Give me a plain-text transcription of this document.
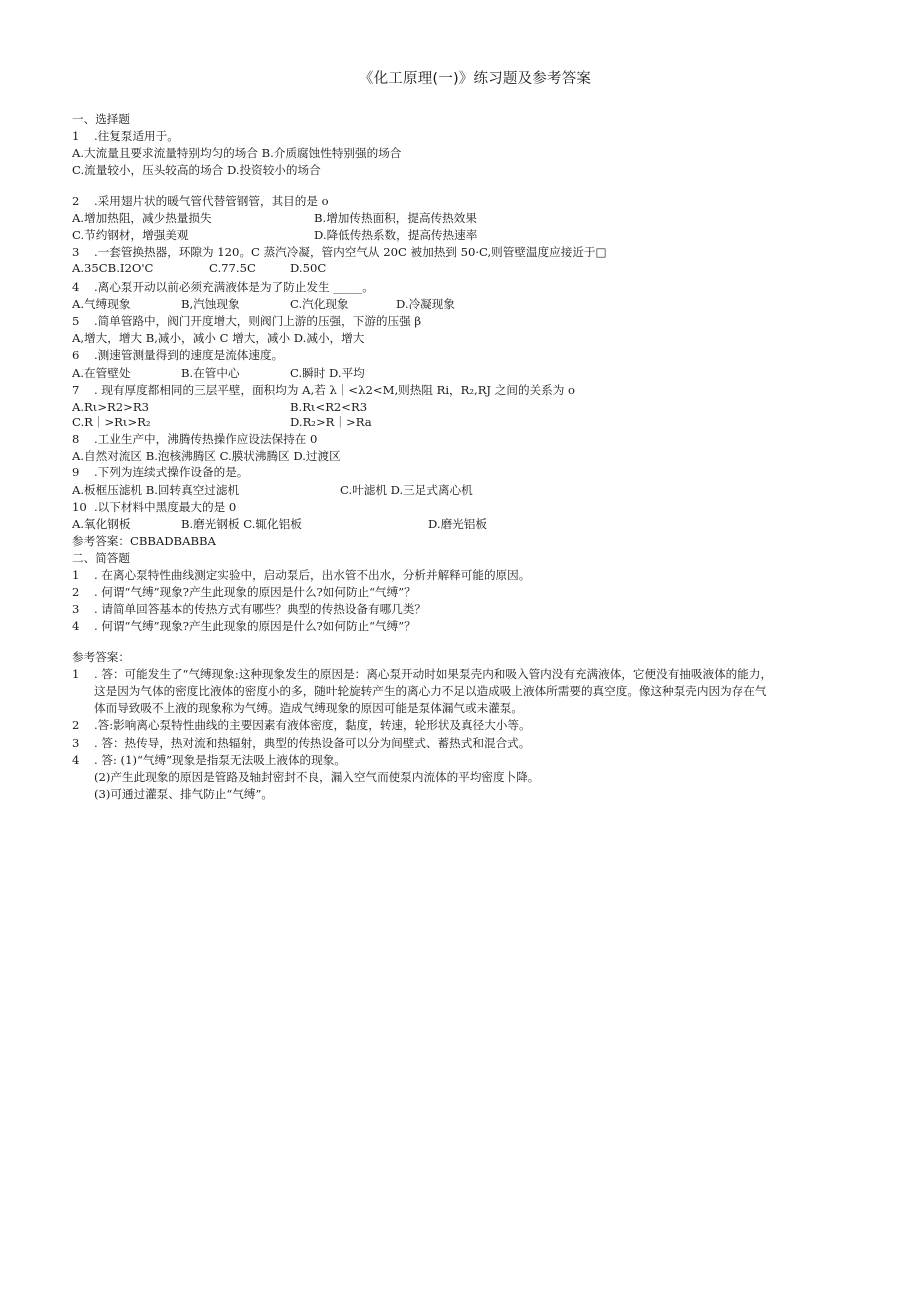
《化工原理(一)》练习题及参考答案
一、选择题
1 .往复泵适用于。
A.大流量且要求流量特别均匀的场合 B.介质腐蚀性特别强的场合
C.流量较小，压头较高的场合 D.投资较小的场合
2 .采用翅片状的暖气管代替管钢管，其目的是 o
A.增加热阻，减少热量损失	B.增加传热面积，提高传热效果
C.节约钢材，增强美观	D.降低传热系数，提高传热速率
3 .一套管换热器，环隙为 120。C 蒸汽冷凝，管内空气从 20C 被加热到 50·C,则管壁温度应接近于□
A.35CB.I2O'C	C.77.5C	D.50C
4 .离心泵开动以前必须充满液体是为了防止发生 _____。
A.气缚现象	B,汽蚀现象	C.汽化现象	D.冷凝现象
5 .简单管路中，阀门开度增大，则阀门上游的压强，下游的压强 β
A,增大，增大 B,减小，减小 C 增大，减小 D.减小，增大
6 .测速管测量得到的速度是流体速度。
A.在管壁处	B.在管中心	C.瞬时 D.平均
7 . 现有厚度都相同的三层平壁，面积均为 A,若 λ｜<λ2<M,则热阻 Ri，R₂,RJ 之间的关系为 o
A.Rι>R2>R3	B.Rι<R2<R3
C.R｜>Rι>R₂	D.R₂>R｜>Ra
8 .工业生产中，沸腾传热操作应设法保持在 0
A.自然对流区 B.泡核沸腾区 C.膜状沸腾区 D.过渡区
9 .下列为连续式操作设备的是。
A.板框压滤机 B.回转真空过滤机	C.叶滤机 D.三足式离心机
10 .以下材料中黑度最大的是 0
A.氧化钢板	B.磨光钢板 C.辄化铝板	D.磨光铝板
参考答案：CBBADBABBA
二、简答题
1 . 在离心泵特性曲线测定实验中，启动泵后，出水管不出水，分析并解释可能的原因。
2 . 何谓“气缚”现象?产生此现象的原因是什么?如何防止“气缚”？
3 . 请简单回答基本的传热方式有哪些？典型的传热设备有哪几类？
4 . 何谓“气缚”现象?产生此现象的原因是什么?如何防止“气缚”？
参考答案：
1 . 答：可能发生了“气缚现象:这种现象发生的原因是：离心泵开动时如果泵壳内和吸入管内没有充满液体，它便没有抽吸液体的能力，
这是因为气体的密度比液体的密度小的多，随叶轮旋转产生的离心力不足以造成吸上液体所需要的真空度。像这种泵壳内因为存在气
体而导致吸不上液的现象称为气缚。造成气缚现象的原因可能是泵体漏气或未灌泵。
2 .答:影响离心泵特性曲线的主要因素有液体密度，黏度，转速，轮形状及真径大小等。
3 . 答：热传导，热对流和热辐射，典型的传热设备可以分为间壁式、蓄热式和混合式。
4 . 答: (1)“气缚”现象是指泵无法吸上液体的现象。
(2)产生此现象的原因是管路及轴封密封不良，漏入空气而使泵内流体的平均密度卜降。
(3)可通过灌泵、排气防止“气缚”。
